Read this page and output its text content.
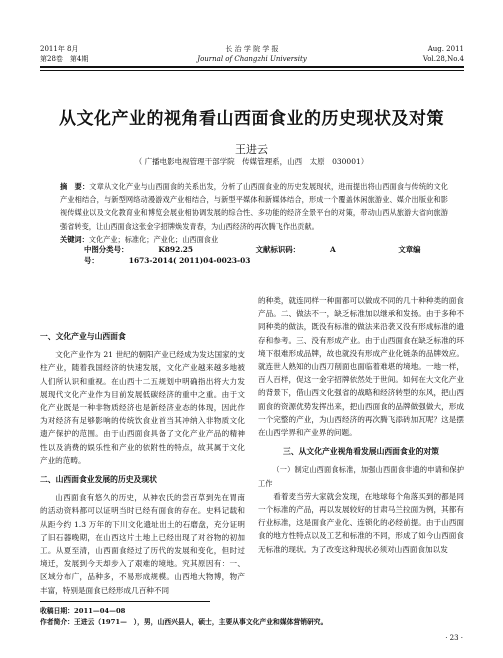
2011年 8月
第28卷　第4期
长 治 学 院 学 报
Journal of Changzhi University
Aug. 2011
Vol.28,No.4
从文化产业的视角看山西面食业的历史现状及对策
王进云
（ 广播电影电视管理干部学院　传媒管理系，山西　太原　030001）
摘　要：文章从文化产业与山西面食的关系出发，分析了山西面食业的历史发展现状，进而提出将山西面食与传统的文化产业相结合，与新型网络动漫游戏产业相结合，与新型平媒体和新媒体结合，形成一个覆盖休闲旅游业、媒介出版业和影视传媒业以及文化教育业和博览会展业相协调发展的综合性、多功能的经济全景平台的对策，带动山西从旅游大省向旅游强省转变，让山西面食这张金字招牌焕发青春，为山西经济的再次腾飞作出贡献。
关键词：文化产业；标准化；产业化；山西面食业
中图分类号：	K892.25	文献标识码：	A	文章编号：	1673-2014( 2011)04-0023-03
一、文化产业与山西面食

文化产业作为 21 世纪的朝阳产业已经成为发达国家的支柱产业，随着我国经济的快速发展，文化产业越来越多地被人们所认识和重视。在山西十二五规划中明确指出将大力发展现代文化产业作为目前发展低碳经济的重中之重。由于文化产业既是一种非物质经济也是新经济业态的体现，因此作为对经济有足够影响的传统饮食业首当其冲纳入非物质文化遗产保护的范围。由于山西面食具备了文化产业产品的精神性以及消费的娱乐性和产业的依附性的特点，故其属于文化产业的范畴。

二、山西面食业发展的历史及现状

山西面食有悠久的历史，从神农氏的尝百草到先在胃南的活动资料都可以证明当时已经有面食的存在。史料记载和从距今约 1.3 万年的下川文化遗址出土的石磨盘，充分证明了旧石器晚期，在山西这片土地上已经出现了对谷物的初加工。从夏至清，山西面食经过了历代的发展和变化，但时过境迁，发展到今天却步入了艰难的境地。究其原因有：一、区域分布广，品种多，不易形成规模。山西地大物博，物产丰富，特别是面食已经形成几百种不同

的种类，就连同样一种面都可以做成不同的几十种种类的面食产品。二、做法不一，缺乏标准加以继承和发扬。由于多种不同种类的做法，既没有标准的做法来沿袭又没有形成标准的遗存和参考。三、没有形成产业。由于山西面食在缺乏标准的环境下很难形成品牌，故也就没有形成产业化链条的品牌效应。就连世人熟知的山西刀削面也面临着难堪的境地。一地一样，百人百样，促这一金字招牌依然处于世间。如何在大文化产业的背景下，借山西文化强省的战略和经济转型的东风，把山西面食的资源优势发挥出来，把山西面食的品牌做强做大，形成一个完整的产业，为山西经济的再次腾飞添砖加瓦呢？这是摆在山西学界和产业界的问题。

三、从文化产业视角看发展山西面食业的对策

（一）制定山西面食标准，加强山西面食非遗的申请和保护工作

看着麦当劳大家就会发现，在地球每个角落买到的都是同一个标准的产品，再以发展较好的甘肃马兰拉面为例，其都有行业标准，这是面食产业化、连锁化的必经前提。由于山西面食的地方性特点以及工艺和标准的不同，形成了如今山西面食无标准的现状。为了改变这种现状必须对山西面食加以发

收稿日期：2011—04—08
作者简介：王进云（1971—　），男，山西兴县人，硕士，主要从事文化产业和媒体营销研究。
· 23 ·
